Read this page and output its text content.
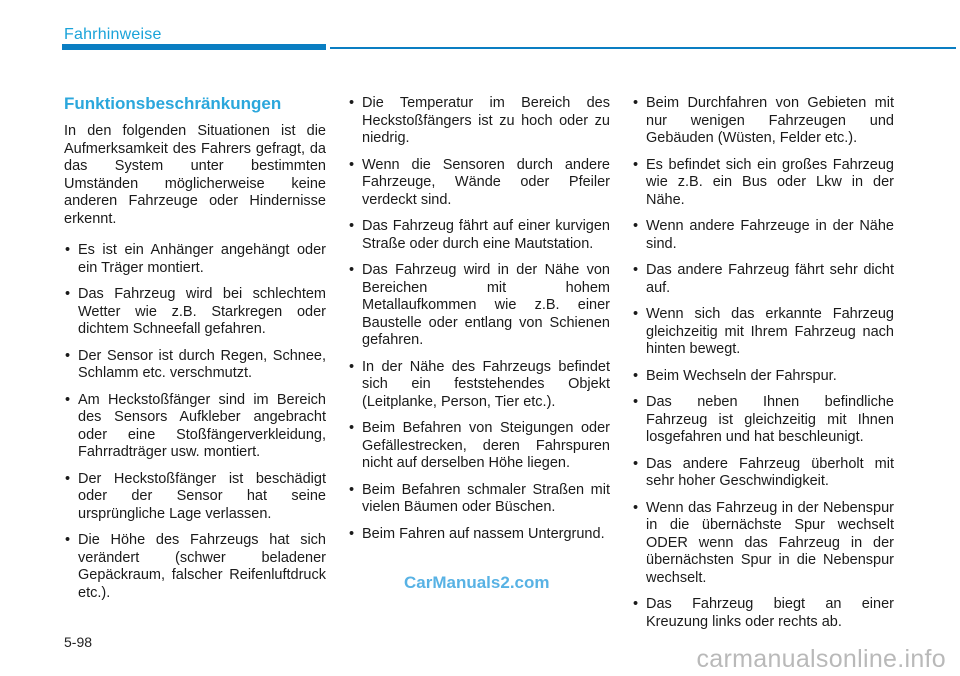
Fahrhinweise
Funktionsbeschränkungen
In den folgenden Situationen ist die Aufmerksamkeit des Fahrers gefragt, da das System unter bestimmten Umständen möglicherweise keine anderen Fahrzeuge oder Hindernisse erkennt.
• Es ist ein Anhänger angehängt oder ein Träger montiert.
• Das Fahrzeug wird bei schlechtem Wetter wie z.B. Starkregen oder dichtem Schneefall gefahren.
• Der Sensor ist durch Regen, Schnee, Schlamm etc. verschmutzt.
• Am Heckstoßfänger sind im Bereich des Sensors Aufkleber angebracht oder eine Stoßfängerverkleidung, Fahrradträger usw. montiert.
• Der Heckstoßfänger ist beschädigt oder der Sensor hat seine ursprüngliche Lage verlassen.
• Die Höhe des Fahrzeugs hat sich verändert (schwer beladener Gepäckraum, falscher Reifenluftdruck etc.).
• Die Temperatur im Bereich des Heckstoßfängers ist zu hoch oder zu niedrig.
• Wenn die Sensoren durch andere Fahrzeuge, Wände oder Pfeiler verdeckt sind.
• Das Fahrzeug fährt auf einer kurvigen Straße oder durch eine Mautstation.
• Das Fahrzeug wird in der Nähe von Bereichen mit hohem Metallaufkommen wie z.B. einer Baustelle oder entlang von Schienen gefahren.
• In der Nähe des Fahrzeugs befindet sich ein feststehendes Objekt (Leitplanke, Person, Tier etc.).
• Beim Befahren von Steigungen oder Gefällestrecken, deren Fahrspuren nicht auf derselben Höhe liegen.
• Beim Befahren schmaler Straßen mit vielen Bäumen oder Büschen.
• Beim Fahren auf nassem Untergrund.
• Beim Durchfahren von Gebieten mit nur wenigen Fahrzeugen und Gebäuden (Wüsten, Felder etc.).
• Es befindet sich ein großes Fahrzeug wie z.B. ein Bus oder Lkw in der Nähe.
• Wenn andere Fahrzeuge in der Nähe sind.
• Das andere Fahrzeug fährt sehr dicht auf.
• Wenn sich das erkannte Fahrzeug gleichzeitig mit Ihrem Fahrzeug nach hinten bewegt.
• Beim Wechseln der Fahrspur.
• Das neben Ihnen befindliche Fahrzeug ist gleichzeitig mit Ihnen losgefahren und hat beschleunigt.
• Das andere Fahrzeug überholt mit sehr hoher Geschwindigkeit.
• Wenn das Fahrzeug in der Nebenspur in die übernächste Spur wechselt ODER wenn das Fahrzeug in der übernächsten Spur in die Nebenspur wechselt.
• Das Fahrzeug biegt an einer Kreuzung links oder rechts ab.
CarManuals2.com
5-98
carmanualsonline.info
